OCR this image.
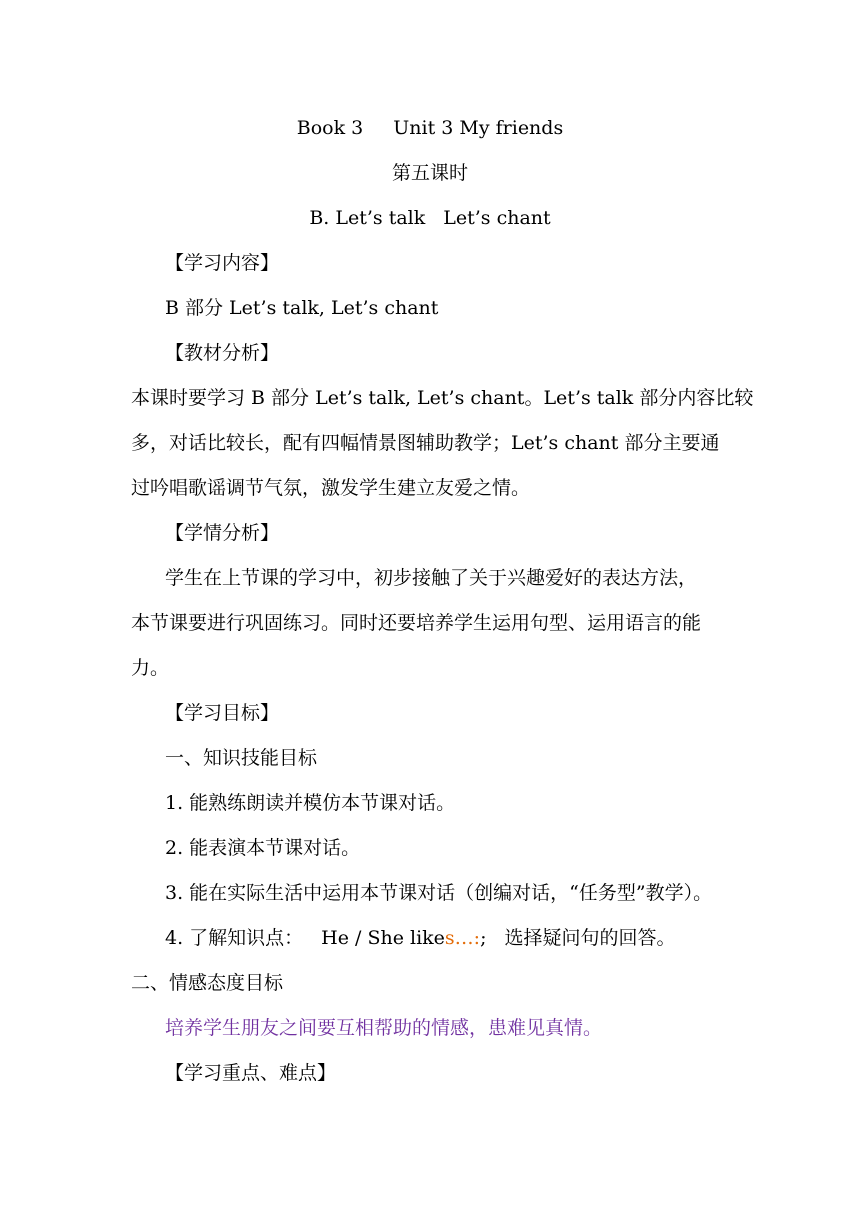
Book 3 Unit 3 My friends
第五课时
B. Let’s talk Let’s chant
【学习内容】
B 部分 Let’s talk, Let’s chant
【教材分析】
本课时要学习 B 部分 Let’s talk, Let’s chant。Let’s talk 部分内容比较
多，对话比较长，配有四幅情景图辅助教学；Let’s chant 部分主要通
过吟唱歌谣调节气氛，激发学生建立友爱之情。
【学情分析】
学生在上节课的学习中，初步接触了关于兴趣爱好的表达方法，
本节课要进行巩固练习。同时还要培养学生运用句型、运用语言的能
力。
【学习目标】
一、知识技能目标
1. 能熟练朗读并模仿本节课对话。
2. 能表演本节课对话。
3. 能在实际生活中运用本节课对话（创编对话，“任务型”教学）。
4. 了解知识点： He / She likes…:; 选择疑问句的回答。
二、情感态度目标
培养学生朋友之间要互相帮助的情感，患难见真情。
【学习重点、难点】
